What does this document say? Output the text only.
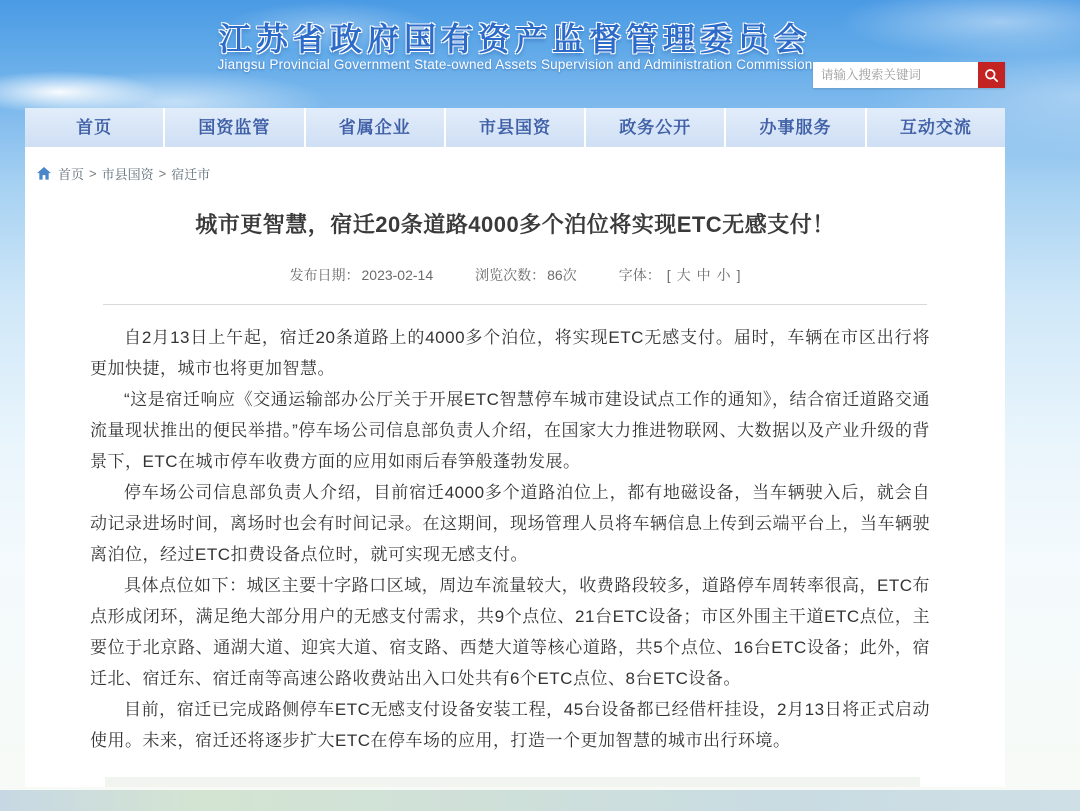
江苏省政府国有资产监督管理委员会
Jiangsu Provincial Government State-owned Assets Supervision and Administration Commission
请输入搜索关键词
首页	国资监管	省属企业	市县国资	政务公开	办事服务	互动交流
首页 > 市县国资 > 宿迁市
城市更智慧，宿迁20条道路4000多个泊位将实现ETC无感支付！
发布日期： 2023-02-14	浏览次数： 86次	字体： [ 大 中 小 ]

自2月13日上午起，宿迁20条道路上的4000多个泊位，将实现ETC无感支付。届时，车辆在市区出行将更加快捷，城市也将更加智慧。

“这是宿迁响应《交通运输部办公厅关于开展ETC智慧停车城市建设试点工作的通知》，结合宿迁道路交通流量现状推出的便民举措。”停车场公司信息部负责人介绍，在国家大力推进物联网、大数据以及产业升级的背景下，ETC在城市停车收费方面的应用如雨后春笋般蓬勃发展。

停车场公司信息部负责人介绍，目前宿迁4000多个道路泊位上，都有地磁设备，当车辆驶入后，就会自动记录进场时间，离场时也会有时间记录。在这期间，现场管理人员将车辆信息上传到云端平台上，当车辆驶离泊位，经过ETC扣费设备点位时，就可实现无感支付。

具体点位如下：城区主要十字路口区域，周边车流量较大，收费路段较多，道路停车周转率很高，ETC布点形成闭环，满足绝大部分用户的无感支付需求，共9个点位、21台ETC设备；市区外围主干道ETC点位，主要位于北京路、通湖大道、迎宾大道、宿支路、西楚大道等核心道路，共5个点位、16台ETC设备；此外，宿迁北、宿迁东、宿迁南等高速公路收费站出入口处共有6个ETC点位、8台ETC设备。

目前，宿迁已完成路侧停车ETC无感支付设备安装工程，45台设备都已经借杆挂设，2月13日将正式启动使用。未来，宿迁还将逐步扩大ETC在停车场的应用，打造一个更加智慧的城市出行环境。
